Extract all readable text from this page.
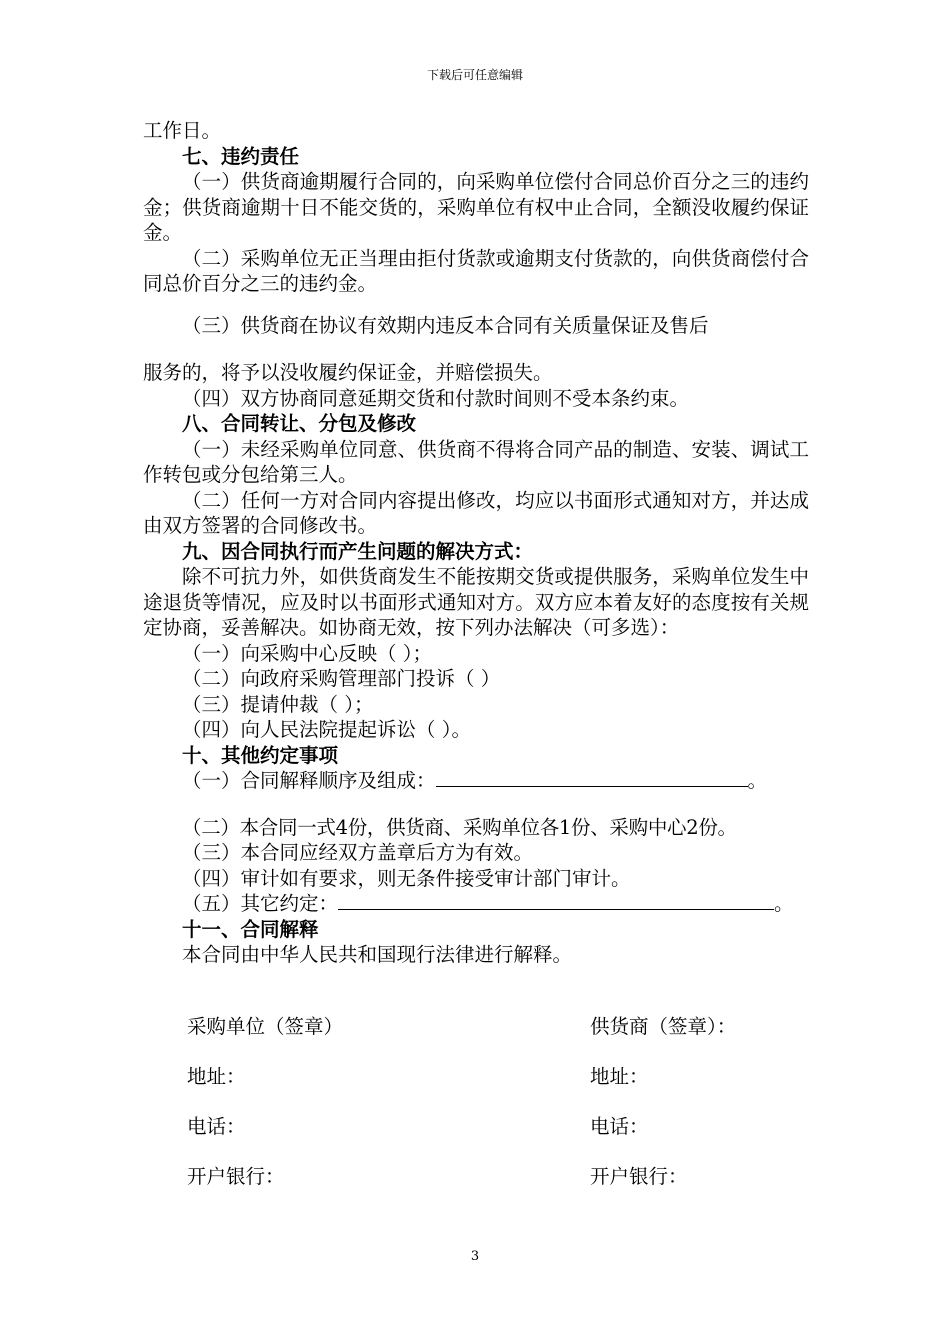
下载后可任意编辑

工作日。

七、违约责任

（一）供货商逾期履行合同的，向采购单位偿付合同总价百分之三的违约金；供货商逾期十日不能交货的，采购单位有权中止合同，全额没收履约保证金。

（二）采购单位无正当理由拒付货款或逾期支付货款的，向供货商偿付合同总价百分之三的违约金。

（三）供货商在协议有效期内违反本合同有关质量保证及售后

服务的，将予以没收履约保证金，并赔偿损失。

（四）双方协商同意延期交货和付款时间则不受本条约束。

八、合同转让、分包及修改

（一）未经采购单位同意、供货商不得将合同产品的制造、安装、调试工作转包或分包给第三人。

（二）任何一方对合同内容提出修改，均应以书面形式通知对方，并达成由双方签署的合同修改书。

九、因合同执行而产生问题的解决方式：

除不可抗力外，如供货商发生不能按期交货或提供服务，采购单位发生中途退货等情况，应及时以书面形式通知对方。双方应本着友好的态度按有关规定协商，妥善解决。如协商无效，按下列办法解决（可多选）：

（一）向采购中心反映（ ）；

（二）向政府采购管理部门投诉（ ）

（三）提请仲裁（ ）；

（四）向人民法院提起诉讼（ ）。

十、其他约定事项

（一）合同解释顺序及组成：	。

（二）本合同一式4份，供货商、采购单位各1份、采购中心2份。

（三）本合同应经双方盖章后方为有效。

（四）审计如有要求，则无条件接受审计部门审计。

（五）其它约定：	。

十一、合同解释

本合同由中华人民共和国现行法律进行解释。

采购单位（签章）	供货商（签章）：
地址：	地址：
电话：	电话：
开户银行：	开户银行：
3
